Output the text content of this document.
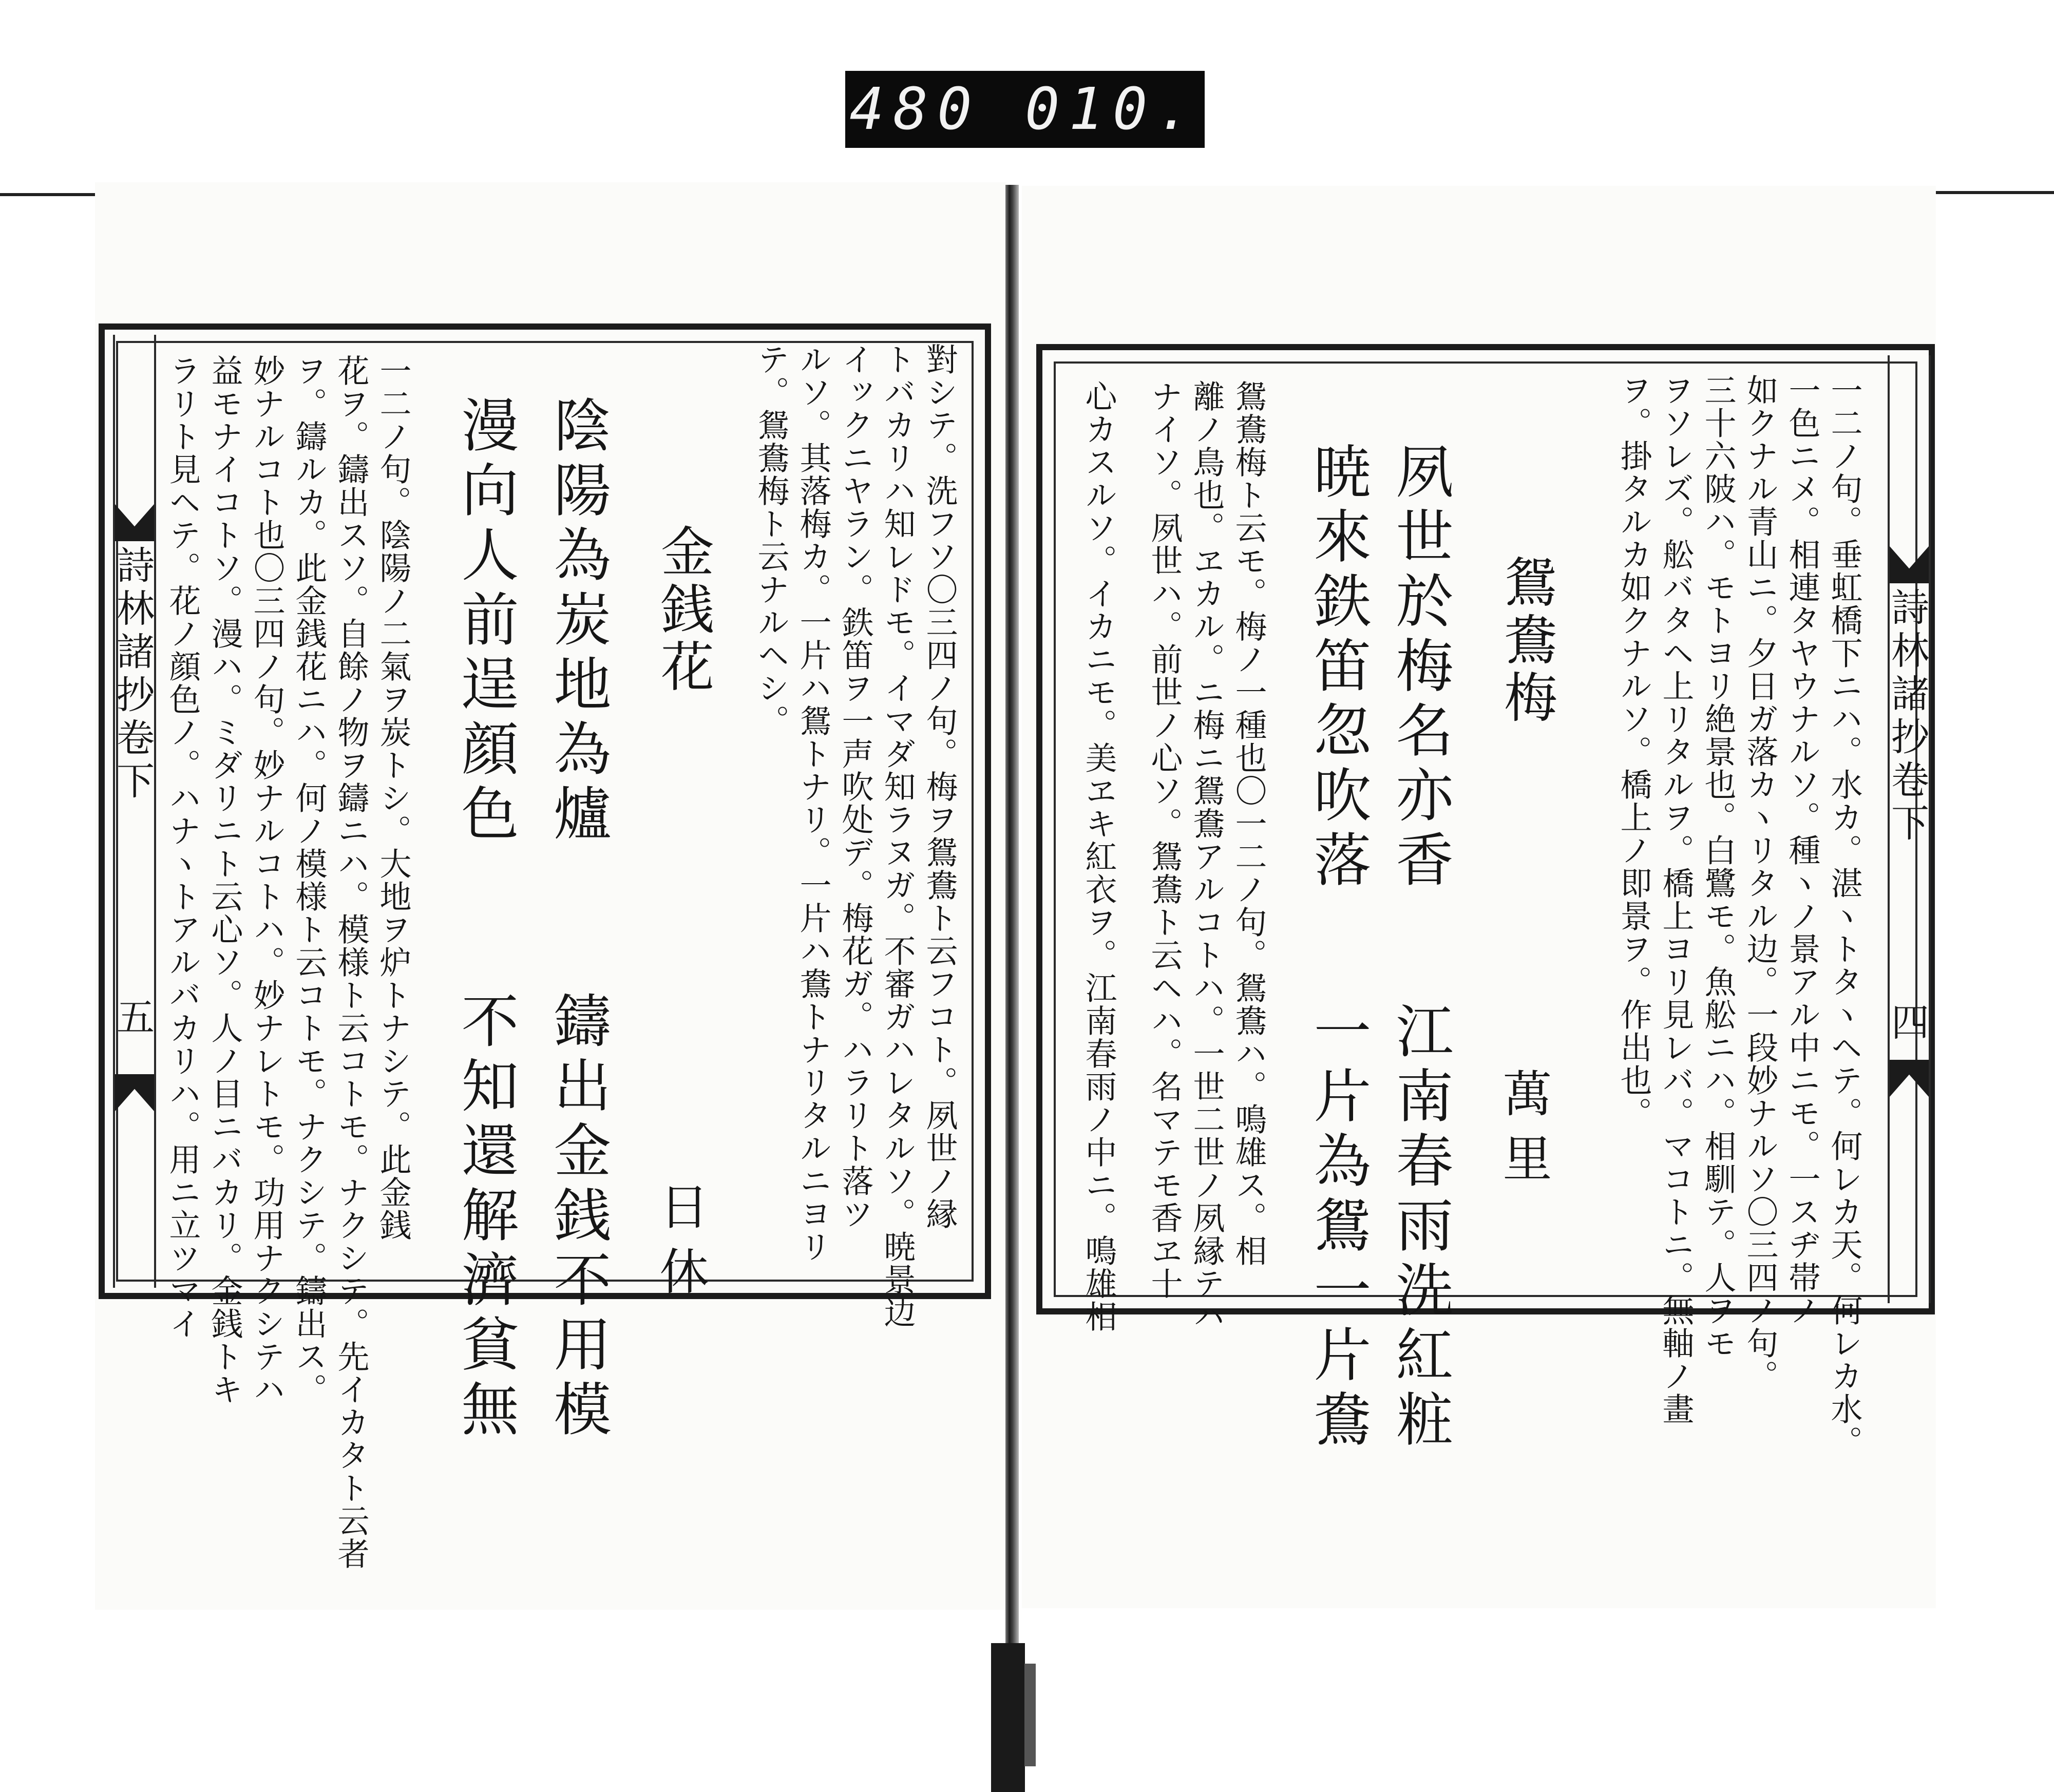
480 010.
詩林諸抄卷下
四
一二ノ句。垂虹橋下ニハ。水カ。湛ヽトタヽヘテ。何レカ天。何レカ水。
一色ニメ。相連タヤウナルソ。種ヽノ景アル中ニモ。一スヂ帯ノ
如クナル青山ニ。夕日ガ落カヽリタル边。一段妙ナルソ〇三四ノ句。
三十六陂ハ。モトヨリ絶景也。白鷺モ。魚舩ニハ。相馴テ。人ヲモ
ヲソレズ。舩バタヘ上リタルヲ。橋上ヨリ見レバ。マコトニ。無軸ノ畫
ヲ。掛タルカ如クナルソ。橋上ノ即景ヲ。作出也。
鴛鴦梅
萬里
夙世於梅名亦香
暁來鉄笛忽吹落
江南春雨洗紅粧
一片為鴛一片鴦
鴛鴦梅ト云モ。梅ノ一種也〇一二ノ句。鴛鴦ハ。鳴雄ス。相
離ノ鳥也。ヱカル。ニ梅ニ鴛鴦アルコトハ。一世二世ノ夙縁テハ
ナイソ。夙世ハ。前世ノ心ソ。鴛鴦ト云ヘハ。名マテモ香ヱ十
心カスルソ。イカニモ。美ヱキ紅衣ヲ。江南春雨ノ中ニ。鳴雄相
詩林諸抄卷下
五	對シテ。洗フソ〇三四ノ句。梅ヲ鴛鴦ト云フコト。夙世ノ縁
トバカリハ知レドモ。イマダ知ラヌガ。不審ガハレタルソ。暁景边
イックニヤラン。鉄笛ヲ一声吹处デ。梅花ガ。ハラリト落ツ
ルソ。其落梅カ。一片ハ鴛トナリ。一片ハ鴦トナリタルニヨリ
テ。鴛鴦梅ト云ナルヘシ。
金銭花
日休
陰陽為炭地為爐
鑄出金銭不用模
漫向人前逞顔色
不知還解濟貧無
一二ノ句。陰陽ノ二氣ヲ炭トシ。大地ヲ炉トナシテ。此金銭
花ヲ。鑄出スソ。自餘ノ物ヲ鑄ニハ。模様ト云コトモ。ナクシテ。先イカタト云者
ヲ。鑄ルカ。此金銭花ニハ。何ノ模様ト云コトモ。ナクシテ。鑄出ス。
妙ナルコト也〇三四ノ句。妙ナルコトハ。妙ナレトモ。功用ナクシテハ
益モナイコトソ。漫ハ。ミダリニト云心ソ。人ノ目ニバカリ。金銭トキ
ラリト見ヘテ。花ノ顔色ノ。ハナヽトアルバカリハ。用ニ立ツマイ
